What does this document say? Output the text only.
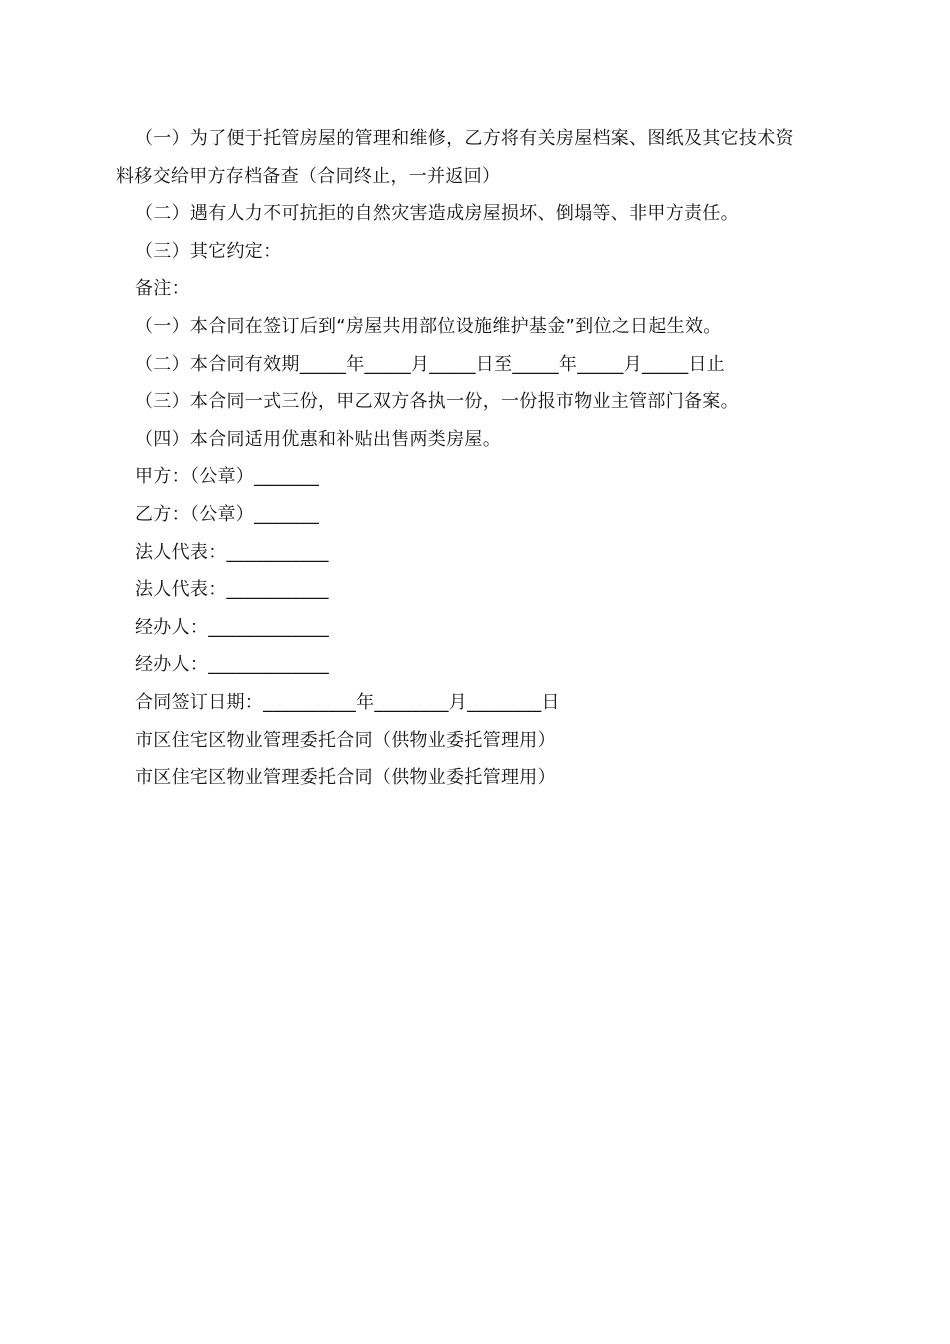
（一）为了便于托管房屋的管理和维修，乙方将有关房屋档案、图纸及其它技术资
料移交给甲方存档备查（合同终止，一并返回）
（二）遇有人力不可抗拒的自然灾害造成房屋损坏、倒塌等、非甲方责任。
（三）其它约定：
备注：
（一）本合同在签订后到“房屋共用部位设施维护基金”到位之日起生效。
（二）本合同有效期_____年_____月_____日至_____年_____月_____日止
（三）本合同一式三份，甲乙双方各执一份，一份报市物业主管部门备案。
（四）本合同适用优惠和补贴出售两类房屋。
甲方：（公章）_______
乙方：（公章）_______
法人代表：___________
法人代表：___________
经办人：_____________
经办人：_____________
合同签订日期：__________年________月________日
市区住宅区物业管理委托合同（供物业委托管理用）
市区住宅区物业管理委托合同（供物业委托管理用）
